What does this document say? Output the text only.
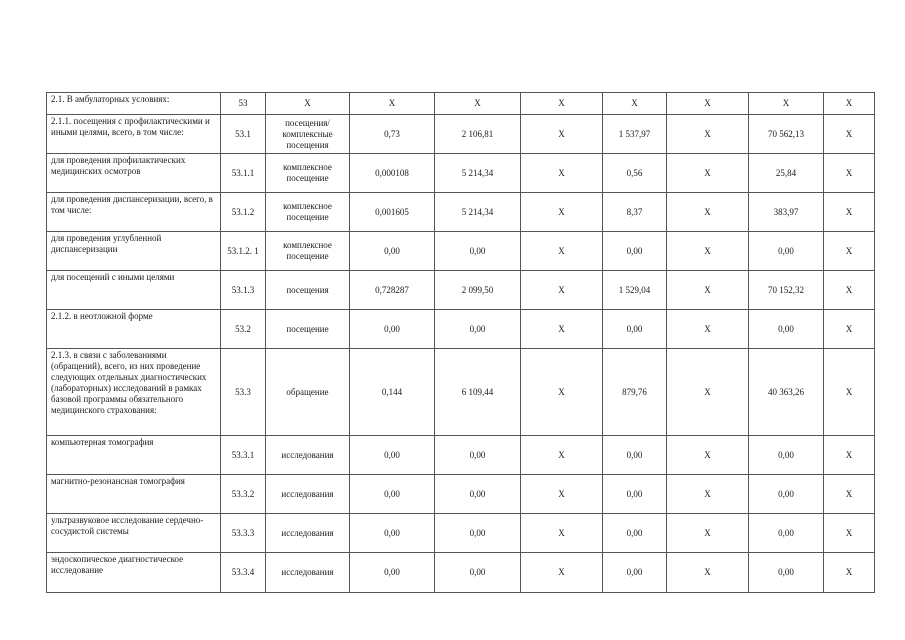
2.1. В амбулаторных условиях:	53	X	X	X	X	X	X	X	X
2.1.1. посещения с профилактическими и иными целями, всего, в том числе:	53.1	посещения/ комплексные посещения	0,73	2 106,81	X	1 537,97	X	70 562,13	X
для проведения профилактических медицинских осмотров	53.1.1	комплексное посещение	0,000108	5 214,34	X	0,56	X	25,84	X
для проведения диспансеризации, всего, в том числе:	53.1.2	комплексное посещение	0,001605	5 214,34	X	8,37	X	383,97	X
для проведения углубленной диспансеризации	53.1.2. 1	комплексное посещение	0,00	0,00	X	0,00	X	0,00	X
для посещений с иными целями	53.1.3	посещения	0,728287	2 099,50	X	1 529,04	X	70 152,32	X
2.1.2. в неотложной форме	53.2	посещение	0,00	0,00	X	0,00	X	0,00	X
2.1.3. в связи с заболеваниями (обращений), всего, из них проведение следующих отдельных диагностических (лабораторных) исследований в рамках базовой программы обязательного медицинского страхования:	53.3	обращение	0,144	6 109,44	X	879,76	X	40 363,26	X
компьютерная томография	53.3.1	исследования	0,00	0,00	X	0,00	X	0,00	X
магнитно-резонансная томография	53.3.2	исследования	0,00	0,00	X	0,00	X	0,00	X
ультразвуковое исследование сердечно-сосудистой системы	53.3.3	исследования	0,00	0,00	X	0,00	X	0,00	X
эндоскопическое диагностическое исследование	53.3.4	исследования	0,00	0,00	X	0,00	X	0,00	X
